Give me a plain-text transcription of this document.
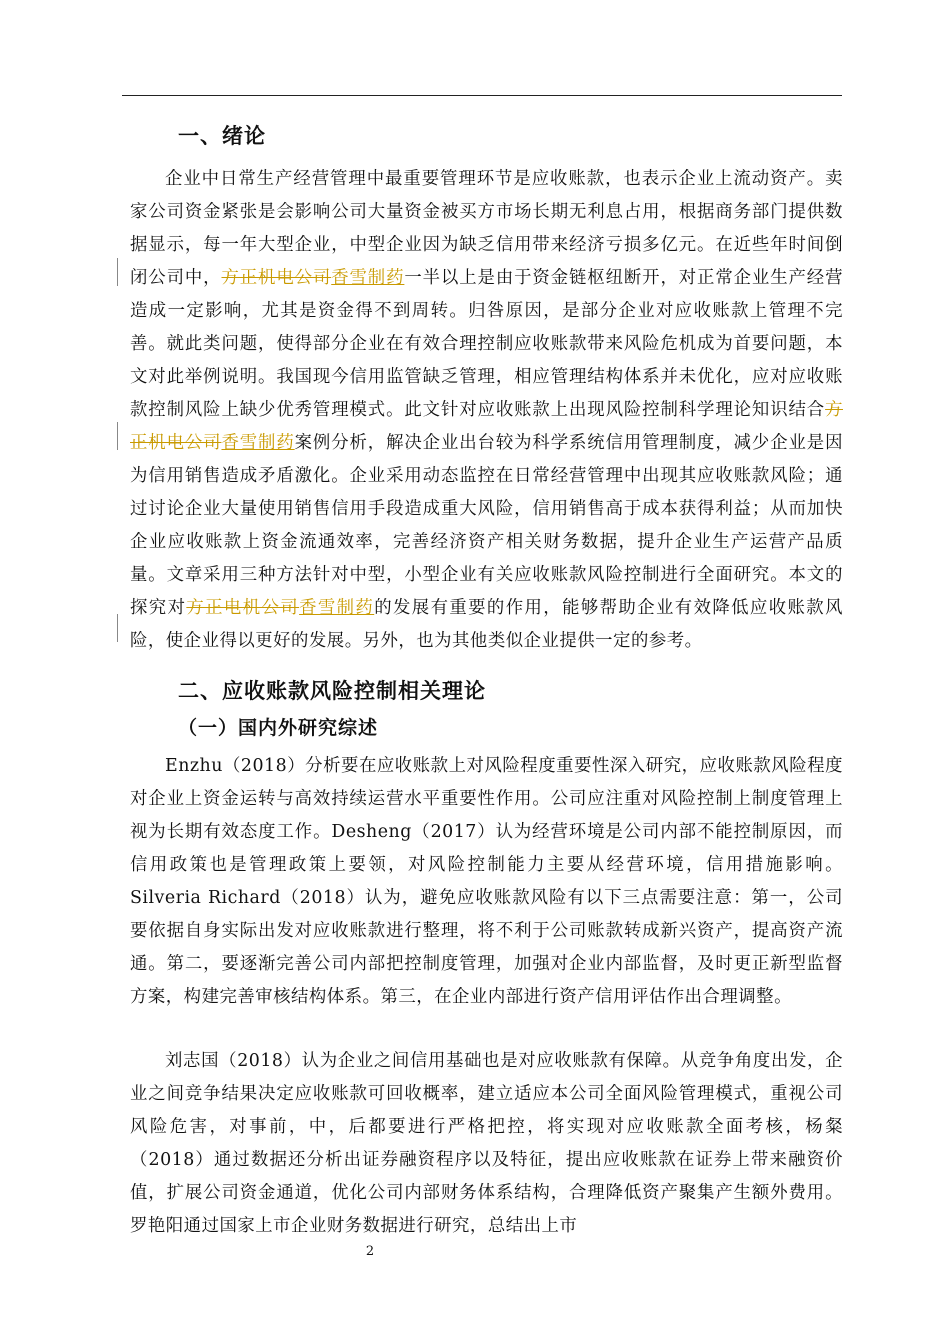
一、绪论
企业中日常生产经营管理中最重要管理环节是应收账款，也表示企业上流动资产。卖家公司资金紧张是会影响公司大量资金被买方市场长期无利息占用，根据商务部门提供数据显示，每一年大型企业，中型企业因为缺乏信用带来经济亏损多亿元。在近些年时间倒闭公司中，方正机电公司香雪制药一半以上是由于资金链枢纽断开，对正常企业生产经营造成一定影响，尤其是资金得不到周转。归咎原因，是部分企业对应收账款上管理不完善。就此类问题，使得部分企业在有效合理控制应收账款带来风险危机成为首要问题，本文对此举例说明。我国现今信用监管缺乏管理，相应管理结构体系并未优化，应对应收账款控制风险上缺少优秀管理模式。此文针对应收账款上出现风险控制科学理论知识结合方正机电公司香雪制药案例分析，解决企业出台较为科学系统信用管理制度，减少企业是因为信用销售造成矛盾激化。企业采用动态监控在日常经营管理中出现其应收账款风险；通过讨论企业大量使用销售信用手段造成重大风险，信用销售高于成本获得利益；从而加快企业应收账款上资金流通效率，完善经济资产相关财务数据，提升企业生产运营产品质量。文章采用三种方法针对中型，小型企业有关应收账款风险控制进行全面研究。本文的探究对方正电机公司香雪制药的发展有重要的作用，能够帮助企业有效降低应收账款风险，使企业得以更好的发展。另外，也为其他类似企业提供一定的参考。
二、应收账款风险控制相关理论
（一）国内外研究综述
Enzhu（2018）分析要在应收账款上对风险程度重要性深入研究，应收账款风险程度对企业上资金运转与高效持续运营水平重要性作用。公司应注重对风险控制上制度管理上视为长期有效态度工作。Desheng（2017）认为经营环境是公司内部不能控制原因，而信用政策也是管理政策上要领，对风险控制能力主要从经营环境，信用措施影响。Silveria Richard（2018）认为，避免应收账款风险有以下三点需要注意：第一，公司要依据自身实际出发对应收账款进行整理，将不利于公司账款转成新兴资产，提高资产流通。第二，要逐渐完善公司内部把控制度管理，加强对企业内部监督，及时更正新型监督方案，构建完善审核结构体系。第三，在企业内部进行资产信用评估作出合理调整。
刘志国（2018）认为企业之间信用基础也是对应收账款有保障。从竞争角度出发，企业之间竞争结果决定应收账款可回收概率，建立适应本公司全面风险管理模式，重视公司风险危害，对事前，中，后都要进行严格把控，将实现对应收账款全面考核，杨粲（2018）通过数据还分析出证券融资程序以及特征，提出应收账款在证券上带来融资价值，扩展公司资金通道，优化公司内部财务体系结构，合理降低资产聚集产生额外费用。罗艳阳通过国家上市企业财务数据进行研究，总结出上市
2
